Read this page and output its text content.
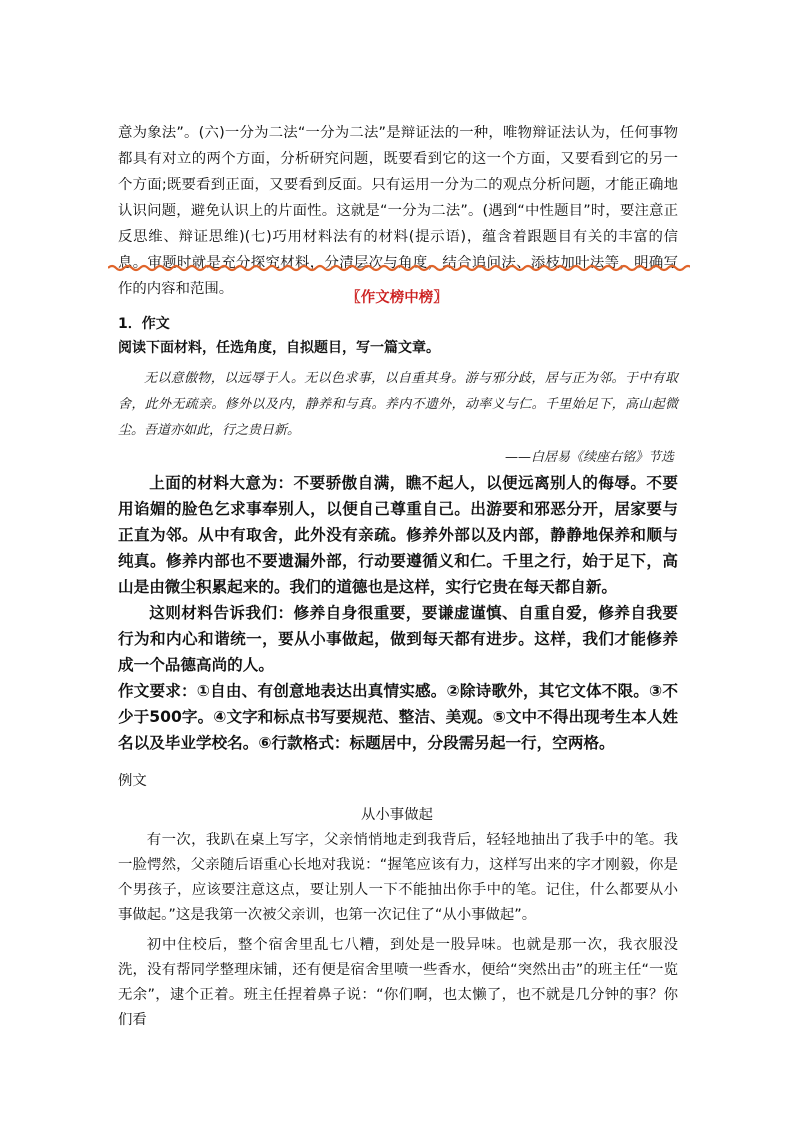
意为象法”。(六)一分为二法“一分为二法”是辩证法的一种，唯物辩证法认为，任何事物都具有对立的两个方面，分析研究问题，既要看到它的这一个方面，又要看到它的另一个方面;既要看到正面，又要看到反面。只有运用一分为二的观点分析问题，才能正确地认识问题，避免认识上的片面性。这就是“一分为二法”。(遇到“中性题目”时，要注意正反思维、辩证思维)(七)巧用材料法有的材料(提示语)，蕴含着跟题目有关的丰富的信息。审题时就是充分探究材料，分清层次与角度，结合追问法、添枝加叶法等，明确写作的内容和范围。

〖作文榜中榜〗

1．作文

阅读下面材料，任选角度，自拟题目，写一篇文章。

无以意傲物，以远辱于人。无以色求事，以自重其身。游与邪分歧，居与正为邻。于中有取舍，此外无疏亲。修外以及内，静养和与真。养内不遗外，动率义与仁。千里始足下，高山起微尘。吾道亦如此，行之贵日新。

——白居易《续座右铭》节选

上面的材料大意为：不要骄傲自满，瞧不起人，以便远离别人的侮辱。不要用谄媚的脸色乞求事奉别人，以便自己尊重自己。出游要和邪恶分开，居家要与正直为邻。从中有取舍，此外没有亲疏。修养外部以及内部，静静地保养和顺与纯真。修养内部也不要遗漏外部，行动要遵循义和仁。千里之行，始于足下，高山是由微尘积累起来的。我们的道德也是这样，实行它贵在每天都自新。

这则材料告诉我们：修养自身很重要，要谦虚谨慎、自重自爱，修养自我要行为和内心和谐统一，要从小事做起，做到每天都有进步。这样，我们才能修养成一个品德高尚的人。

作文要求：①自由、有创意地表达出真情实感。②除诗歌外，其它文体不限。③不少于500字。④文字和标点书写要规范、整洁、美观。⑤文中不得出现考生本人姓名以及毕业学校名。⑥行款格式：标题居中，分段需另起一行，空两格。

例文

从小事做起

有一次，我趴在桌上写字，父亲悄悄地走到我背后，轻轻地抽出了我手中的笔。我一脸愕然，父亲随后语重心长地对我说：“握笔应该有力，这样写出来的字才刚毅，你是个男孩子，应该要注意这点，要让别人一下不能抽出你手中的笔。记住，什么都要从小事做起。”这是我第一次被父亲训，也第一次记住了“从小事做起”。

初中住校后，整个宿舍里乱七八糟，到处是一股异味。也就是那一次，我衣服没洗，没有帮同学整理床铺，还有便是宿舍里喷一些香水，便给“突然出击”的班主任“一览无余”，逮个正着。班主任捏着鼻子说：“你们啊，也太懒了，也不就是几分钟的事？你们看
